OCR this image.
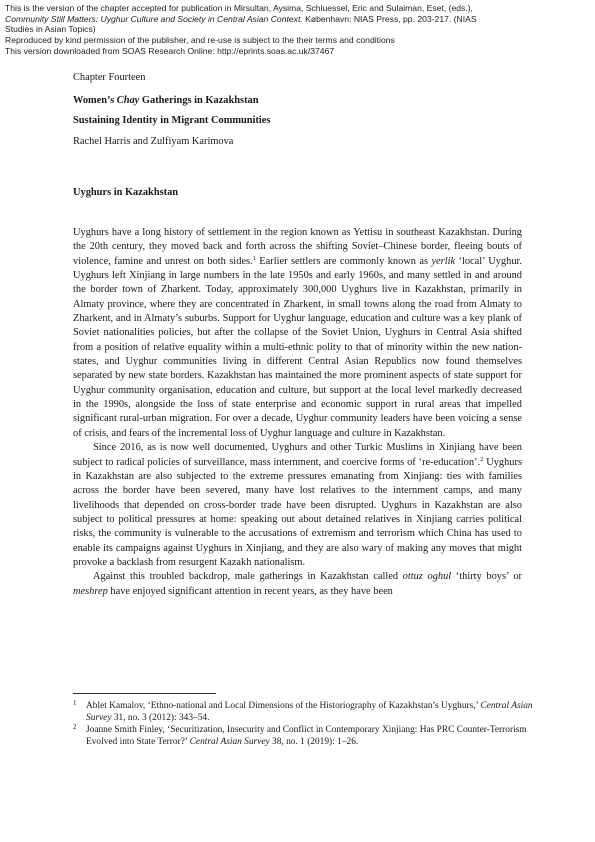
This is the version of the chapter accepted for publication in Mirsultan, Aysima, Schluessel, Eric and Sulaiman, Eset, (eds.),
Community Still Matters: Uyghur Culture and Society in Central Asian Context. København: NIAS Press, pp. 203-217. (NIAS
Studies in Asian Topics)
Reproduced by kind permission of the publisher, and re-use is subject to the their terms and conditions
This version downloaded from SOAS Research Online: http://eprints.soas.ac.uk/37467
Chapter Fourteen
Women’s Chay Gatherings in Kazakhstan
Sustaining Identity in Migrant Communities
Rachel Harris and Zulfiyam Karimova
Uyghurs in Kazakhstan

Uyghurs have a long history of settlement in the region known as Yettisu in southeast Kazakhstan. During the 20th century, they moved back and forth across the shifting Soviet–Chinese border, fleeing bouts of violence, famine and unrest on both sides.$^1$ Earlier settlers are commonly known as yerlik ‘local’ Uyghur. Uyghurs left Xinjiang in large numbers in the late 1950s and early 1960s, and many settled in and around the border town of Zharkent. Today, approximately 300,000 Uyghurs live in Kazakhstan, primarily in Almaty province, where they are concentrated in Zharkent, in small towns along the road from Almaty to Zharkent, and in Almaty’s suburbs. Support for Uyghur language, education and culture was a key plank of Soviet nationalities policies, but after the collapse of the Soviet Union, Uyghurs in Central Asia shifted from a position of relative equality within a multi-ethnic polity to that of minority within the new nation-states, and Uyghur communities living in different Central Asian Republics now found themselves separated by new state borders. Kazakhstan has maintained the more prominent aspects of state support for Uyghur community organisation, education and culture, but support at the local level markedly decreased in the 1990s, alongside the loss of state enterprise and economic support in rural areas that impelled significant rural-urban migration. For over a decade, Uyghur community leaders have been voicing a sense of crisis, and fears of the incremental loss of Uyghur language and culture in Kazakhstan.

Since 2016, as is now well documented, Uyghurs and other Turkic Muslims in Xinjiang have been subject to radical policies of surveillance, mass internment, and coercive forms of ‘re-education’.$^2$ Uyghurs in Kazakhstan are also subjected to the extreme pressures emanating from Xinjiang: ties with families across the border have been severed, many have lost relatives to the internment camps, and many livelihoods that depended on cross-border trade have been disrupted. Uyghurs in Kazakhstan are also subject to political pressures at home: speaking out about detained relatives in Xinjiang carries political risks, the community is vulnerable to the accusations of extremism and terrorism which China has used to enable its campaigns against Uyghurs in Xinjiang, and they are also wary of making any moves that might provoke a backlash from resurgent Kazakh nationalism.

Against this troubled backdrop, male gatherings in Kazakhstan called ottuz oghul ‘thirty boys’ or meshrep have enjoyed significant attention in recent years, as they have been

1 Ablet Kamalov, ‘Ethno-national and Local Dimensions of the Historiography of Kazakhstan’s Uyghurs,’ Central Asian Survey 31, no. 3 (2012): 343–54.

2 Joanne Smith Finley, ‘Securitization, Insecurity and Conflict in Contemporary Xinjiang: Has PRC Counter-Terrorism Evolved into State Terror?’ Central Asian Survey 38, no. 1 (2019): 1–26.
